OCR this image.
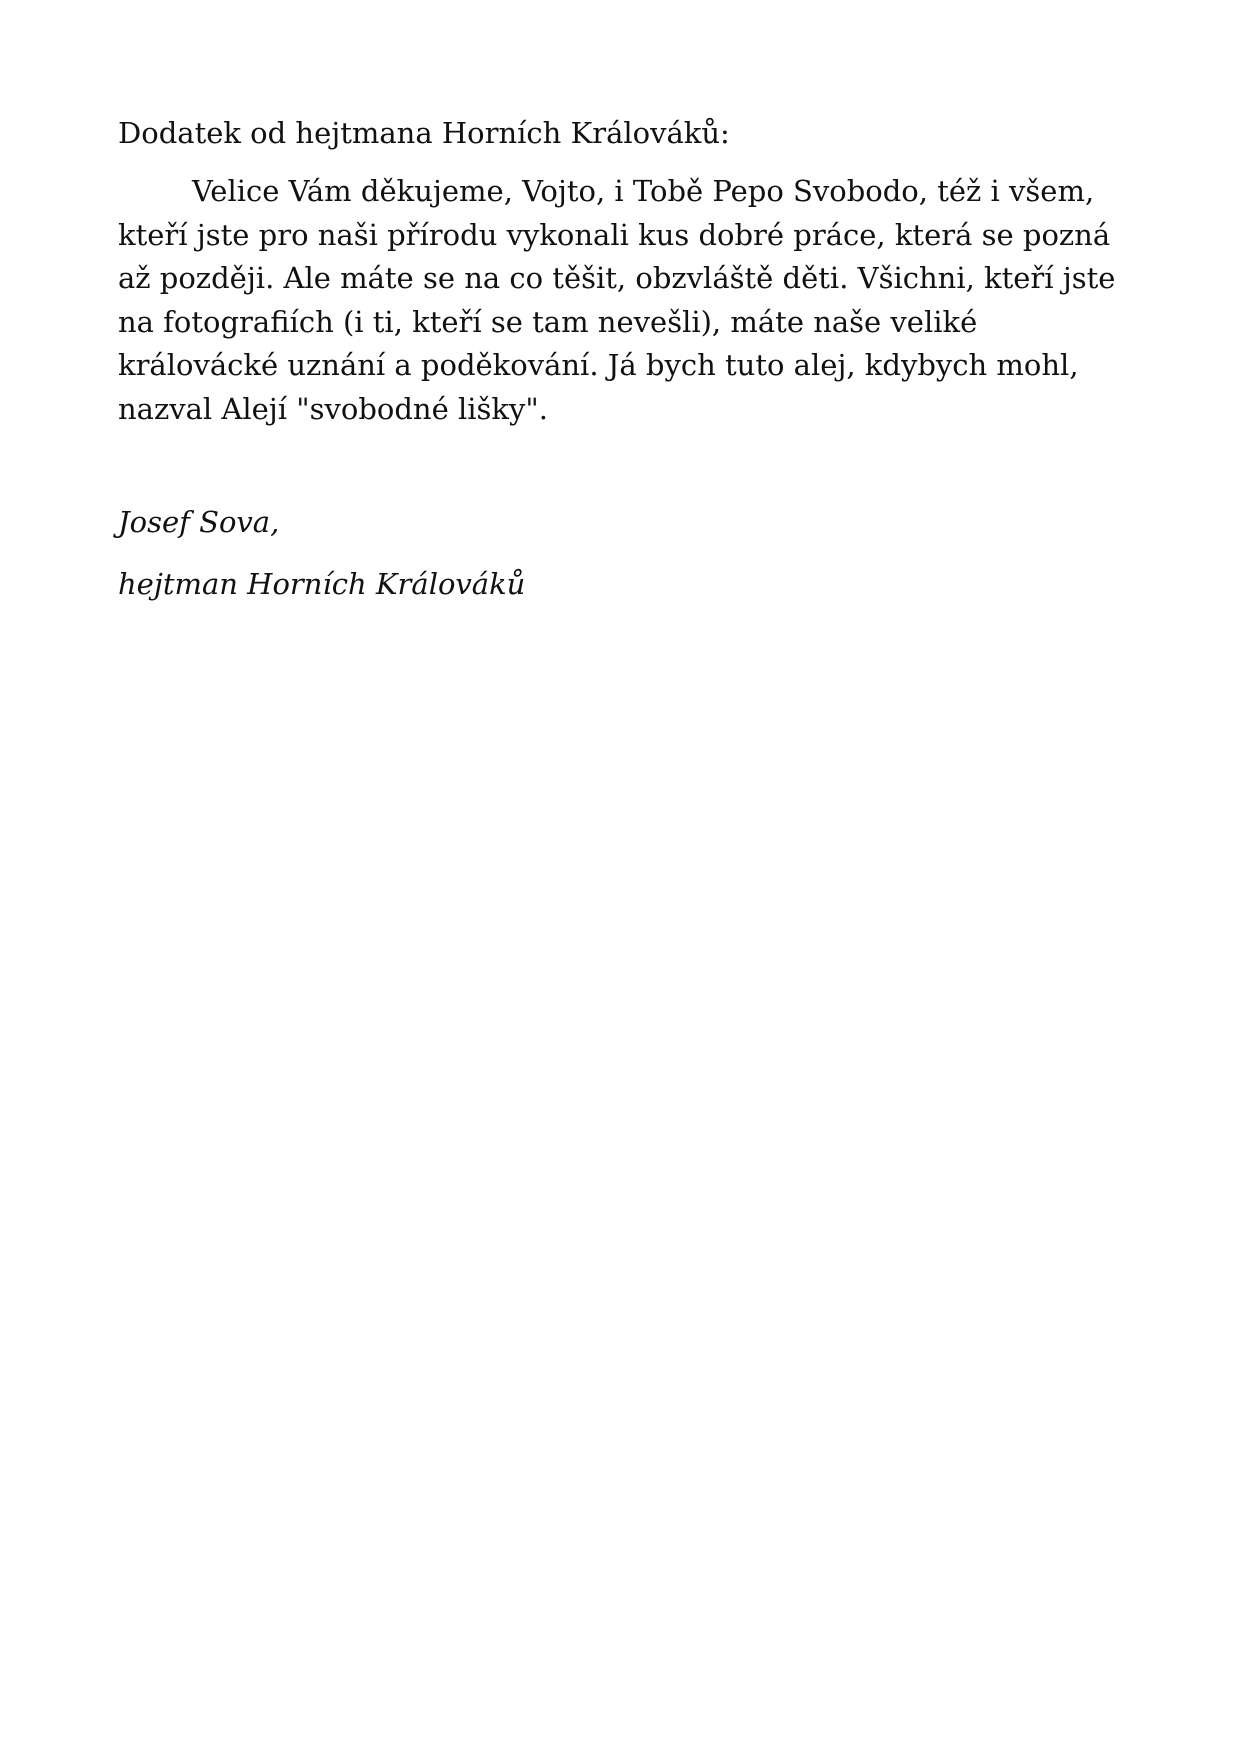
Dodatek od hejtmana Horních Králováků:

Velice Vám děkujeme, Vojto, i Tobě Pepo Svobodo, též i všem,
kteří jste pro naši přírodu vykonali kus dobré práce, která se pozná
až později. Ale máte se na co těšit, obzvláště děti. Všichni, kteří jste
na fotografiích (i ti, kteří se tam nevešli), máte naše veliké
královácké uznání a poděkování. Já bych tuto alej, kdybych mohl,
nazval Alejí "svobodné lišky".

Josef Sova,

hejtman Horních Králováků
